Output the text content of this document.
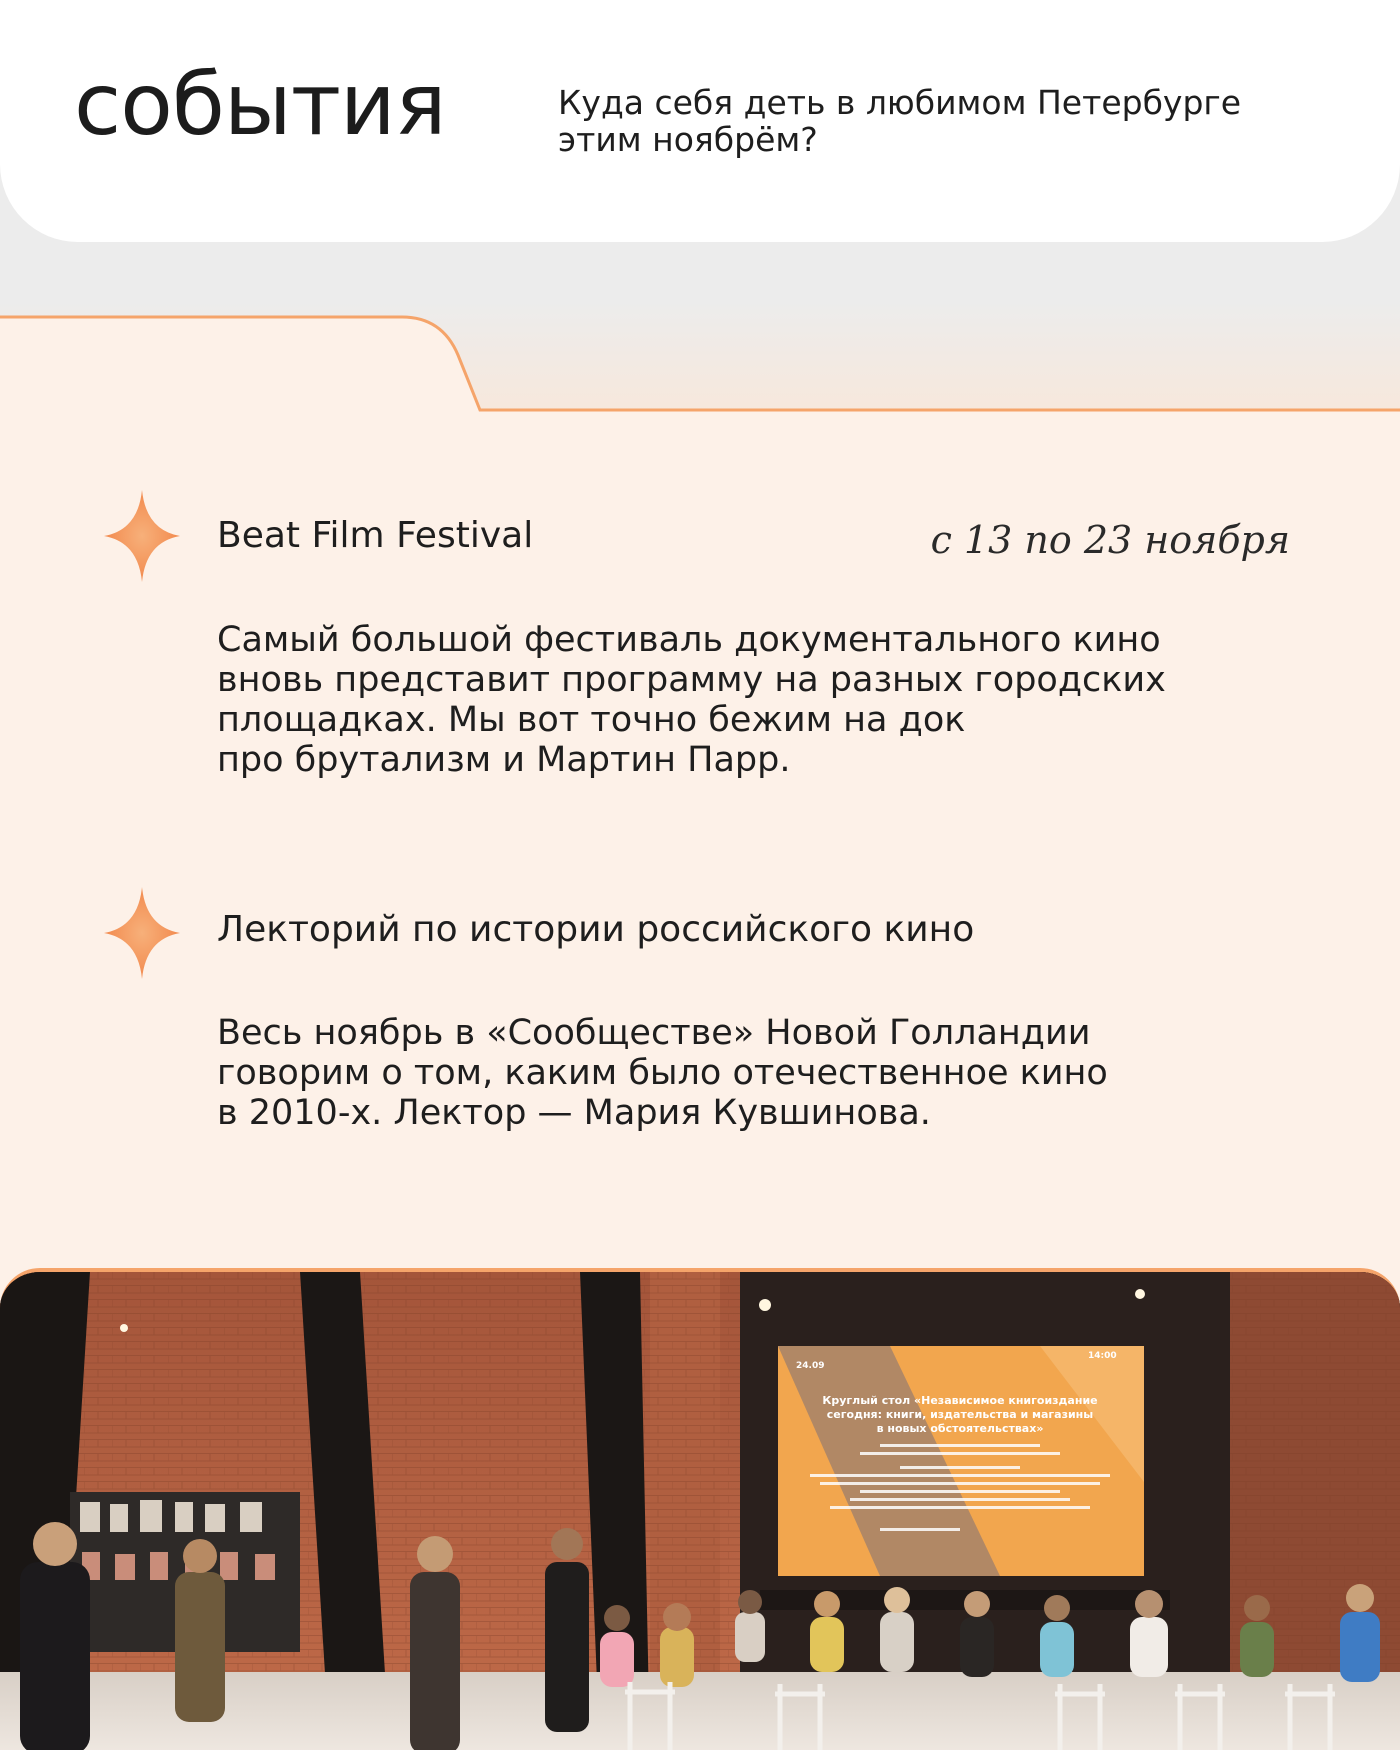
события	Куда себя деть в любимом Петербурге
этим ноябрём?

Beat Film Festival	с 13 по 23 ноября

Самый большой фестиваль документального кино
вновь представит программу на разных городских
площадках. Мы вот точно бежим на док
про брутализм и Мартин Парр.

Лекторий по истории российского кино

Весь ноябрь в «Сообществе» Новой Голландии
говорим о том, каким было отечественное кино
в 2010-х. Лектор — Мария Кувшинова.

24.09
14:00
Круглый стол «Независимое книгоиздание
сегодня: книги, издательства и магазины
в новых обстоятельствах»
